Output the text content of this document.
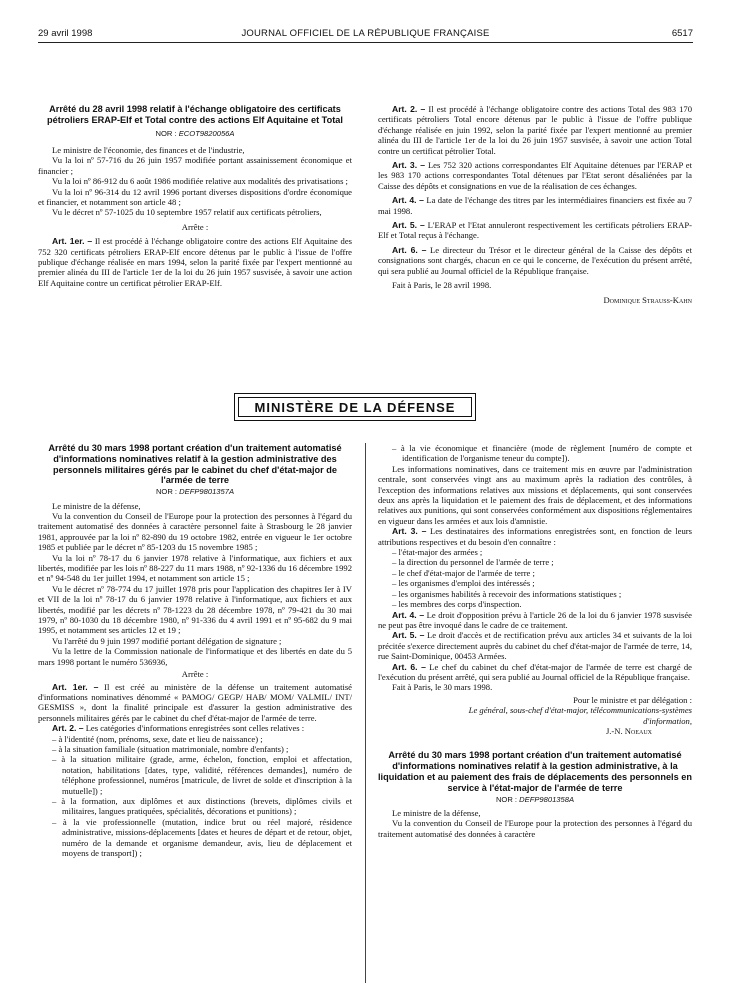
29 avril 1998	JOURNAL OFFICIEL DE LA RÉPUBLIQUE FRANÇAISE	6517

Arrêté du 28 avril 1998 relatif à l'échange obligatoire des certificats pétroliers ERAP-Elf et Total contre des actions Elf Aquitaine et Total

NOR : ECOT9820056A

Le ministre de l'économie, des finances et de l'industrie,

Vu la loi nº 57-716 du 26 juin 1957 modifiée portant assainissement économique et financier ;

Vu la loi nº 86-912 du 6 août 1986 modifiée relative aux modalités des privatisations ;

Vu la loi nº 96-314 du 12 avril 1996 portant diverses dispositions d'ordre économique et financier, et notamment son article 48 ;

Vu le décret nº 57-1025 du 10 septembre 1957 relatif aux certificats pétroliers,

Arrête :

Art. 1er. – Il est procédé à l'échange obligatoire contre des actions Elf Aquitaine des 752 320 certificats pétroliers ERAP-Elf encore détenus par le public à l'issue de l'offre publique d'échange réalisée en mars 1994, selon la parité fixée par l'expert mentionné au premier alinéa du III de l'article 1er de la loi du 26 juin 1957 susvisée, à savoir une action Elf Aquitaine contre un certificat pétrolier ERAP-Elf.

Art. 2. – Il est procédé à l'échange obligatoire contre des actions Total des 983 170 certificats pétroliers Total encore détenus par le public à l'issue de l'offre publique d'échange réalisée en juin 1992, selon la parité fixée par l'expert mentionné au premier alinéa du III de l'article 1er de la loi du 26 juin 1957 susvisée, à savoir une action Total contre un certificat pétrolier Total.

Art. 3. – Les 752 320 actions correspondantes Elf Aquitaine détenues par l'ERAP et les 983 170 actions correspondantes Total détenues par l'Etat seront désaliénées par la Caisse des dépôts et consignations en vue de la réalisation de ces échanges.

Art. 4. – La date de l'échange des titres par les intermédiaires financiers est fixée au 7 mai 1998.

Art. 5. – L'ERAP et l'Etat annuleront respectivement les certificats pétroliers ERAP-Elf et Total reçus à l'échange.

Art. 6. – Le directeur du Trésor et le directeur général de la Caisse des dépôts et consignations sont chargés, chacun en ce qui le concerne, de l'exécution du présent arrêté, qui sera publié au Journal officiel de la République française.

Fait à Paris, le 28 avril 1998.

Dominique Strauss-Kahn

MINISTÈRE DE LA DÉFENSE

Arrêté du 30 mars 1998 portant création d'un traitement automatisé d'informations nominatives relatif à la gestion administrative des personnels militaires gérés par le cabinet du chef d'état-major de l'armée de terre

NOR : DEFP9801357A

Le ministre de la défense,

Vu la convention du Conseil de l'Europe pour la protection des personnes à l'égard du traitement automatisé des données à caractère personnel faite à Strasbourg le 28 janvier 1981, approuvée par la loi nº 82-890 du 19 octobre 1982, entrée en vigueur le 1er octobre 1985 et publiée par le décret nº 85-1203 du 15 novembre 1985 ;

Vu la loi nº 78-17 du 6 janvier 1978 relative à l'informatique, aux fichiers et aux libertés, modifiée par les lois nº 88-227 du 11 mars 1988, nº 92-1336 du 16 décembre 1992 et nº 94-548 du 1er juillet 1994, et notamment son article 15 ;

Vu le décret nº 78-774 du 17 juillet 1978 pris pour l'application des chapitres Ier à IV et VII de la loi nº 78-17 du 6 janvier 1978 relative à l'informatique, aux fichiers et aux libertés, modifié par les décrets nº 78-1223 du 28 décembre 1978, nº 79-421 du 30 mai 1979, nº 80-1030 du 18 décembre 1980, nº 91-336 du 4 avril 1991 et nº 95-682 du 9 mai 1995, et notamment ses articles 12 et 19 ;

Vu l'arrêté du 9 juin 1997 modifié portant délégation de signature ;

Vu la lettre de la Commission nationale de l'informatique et des libertés en date du 5 mars 1998 portant le numéro 536936,

Arrête :

Art. 1er. – Il est créé au ministère de la défense un traitement automatisé d'informations nominatives dénommé « PAMOG/ GEGP/ HAB/ MOM/ VALMIL/ INT/ GESMISS », dont la finalité principale est d'assurer la gestion administrative des personnels militaires gérés par le cabinet du chef d'état-major de l'armée de terre.

Art. 2. – Les catégories d'informations enregistrées sont celles relatives :

– à l'identité (nom, prénoms, sexe, date et lieu de naissance) ;
– à la situation familiale (situation matrimoniale, nombre d'enfants) ;
– à la situation militaire (grade, arme, échelon, fonction, emploi et affectation, notation, habilitations [dates, type, validité, références demandes], numéro de téléphone professionnel, numéros [matricule, de livret de solde et d'inscription à la mutuelle]) ;
– à la formation, aux diplômes et aux distinctions (brevets, diplômes civils et militaires, langues pratiquées, spécialités, décorations et punitions) ;
– à la vie professionnelle (mutation, indice brut ou réel majoré, résidence administrative, missions-déplacements [dates et heures de départ et de retour, objet, numéro de la demande et organisme demandeur, avis, lieu de déplacement et moyens de transport]) ;
– à la vie économique et financière (mode de règlement [numéro de compte et identification de l'organisme teneur du compte]).

Les informations nominatives, dans ce traitement mis en œuvre par l'administration centrale, sont conservées vingt ans au maximum après la radiation des contrôles, à l'exception des informations relatives aux missions et déplacements, qui sont conservées deux ans après la liquidation et le paiement des frais de déplacement, et des informations relatives aux punitions, qui sont conservées conformément aux dispositions réglementaires en vigueur dans les armées et aux lois d'amnistie.

Art. 3. – Les destinataires des informations enregistrées sont, en fonction de leurs attributions respectives et du besoin d'en connaître :

– l'état-major des armées ;
– la direction du personnel de l'armée de terre ;
– le chef d'état-major de l'armée de terre ;
– les organismes d'emploi des intéressés ;
– les organismes habilités à recevoir des informations statistiques ;
– les membres des corps d'inspection.

Art. 4. – Le droit d'opposition prévu à l'article 26 de la loi du 6 janvier 1978 susvisée ne peut pas être invoqué dans le cadre de ce traitement.

Art. 5. – Le droit d'accès et de rectification prévu aux articles 34 et suivants de la loi précitée s'exerce directement auprès du cabinet du chef d'état-major de l'armée de terre, 14, rue Saint-Dominique, 00453 Armées.

Art. 6. – Le chef du cabinet du chef d'état-major de l'armée de terre est chargé de l'exécution du présent arrêté, qui sera publié au Journal officiel de la République française.

Fait à Paris, le 30 mars 1998.

Pour le ministre et par délégation :

Le général, sous-chef d'état-major, télécommunications-systèmes d'information,

J.-N. Noeaux

Arrêté du 30 mars 1998 portant création d'un traitement automatisé d'informations nominatives relatif à la gestion administrative, à la liquidation et au paiement des frais de déplacements des personnels en service à l'état-major de l'armée de terre

NOR : DEFP9801358A

Le ministre de la défense,

Vu la convention du Conseil de l'Europe pour la protection des personnes à l'égard du traitement automatisé des données à caractère
